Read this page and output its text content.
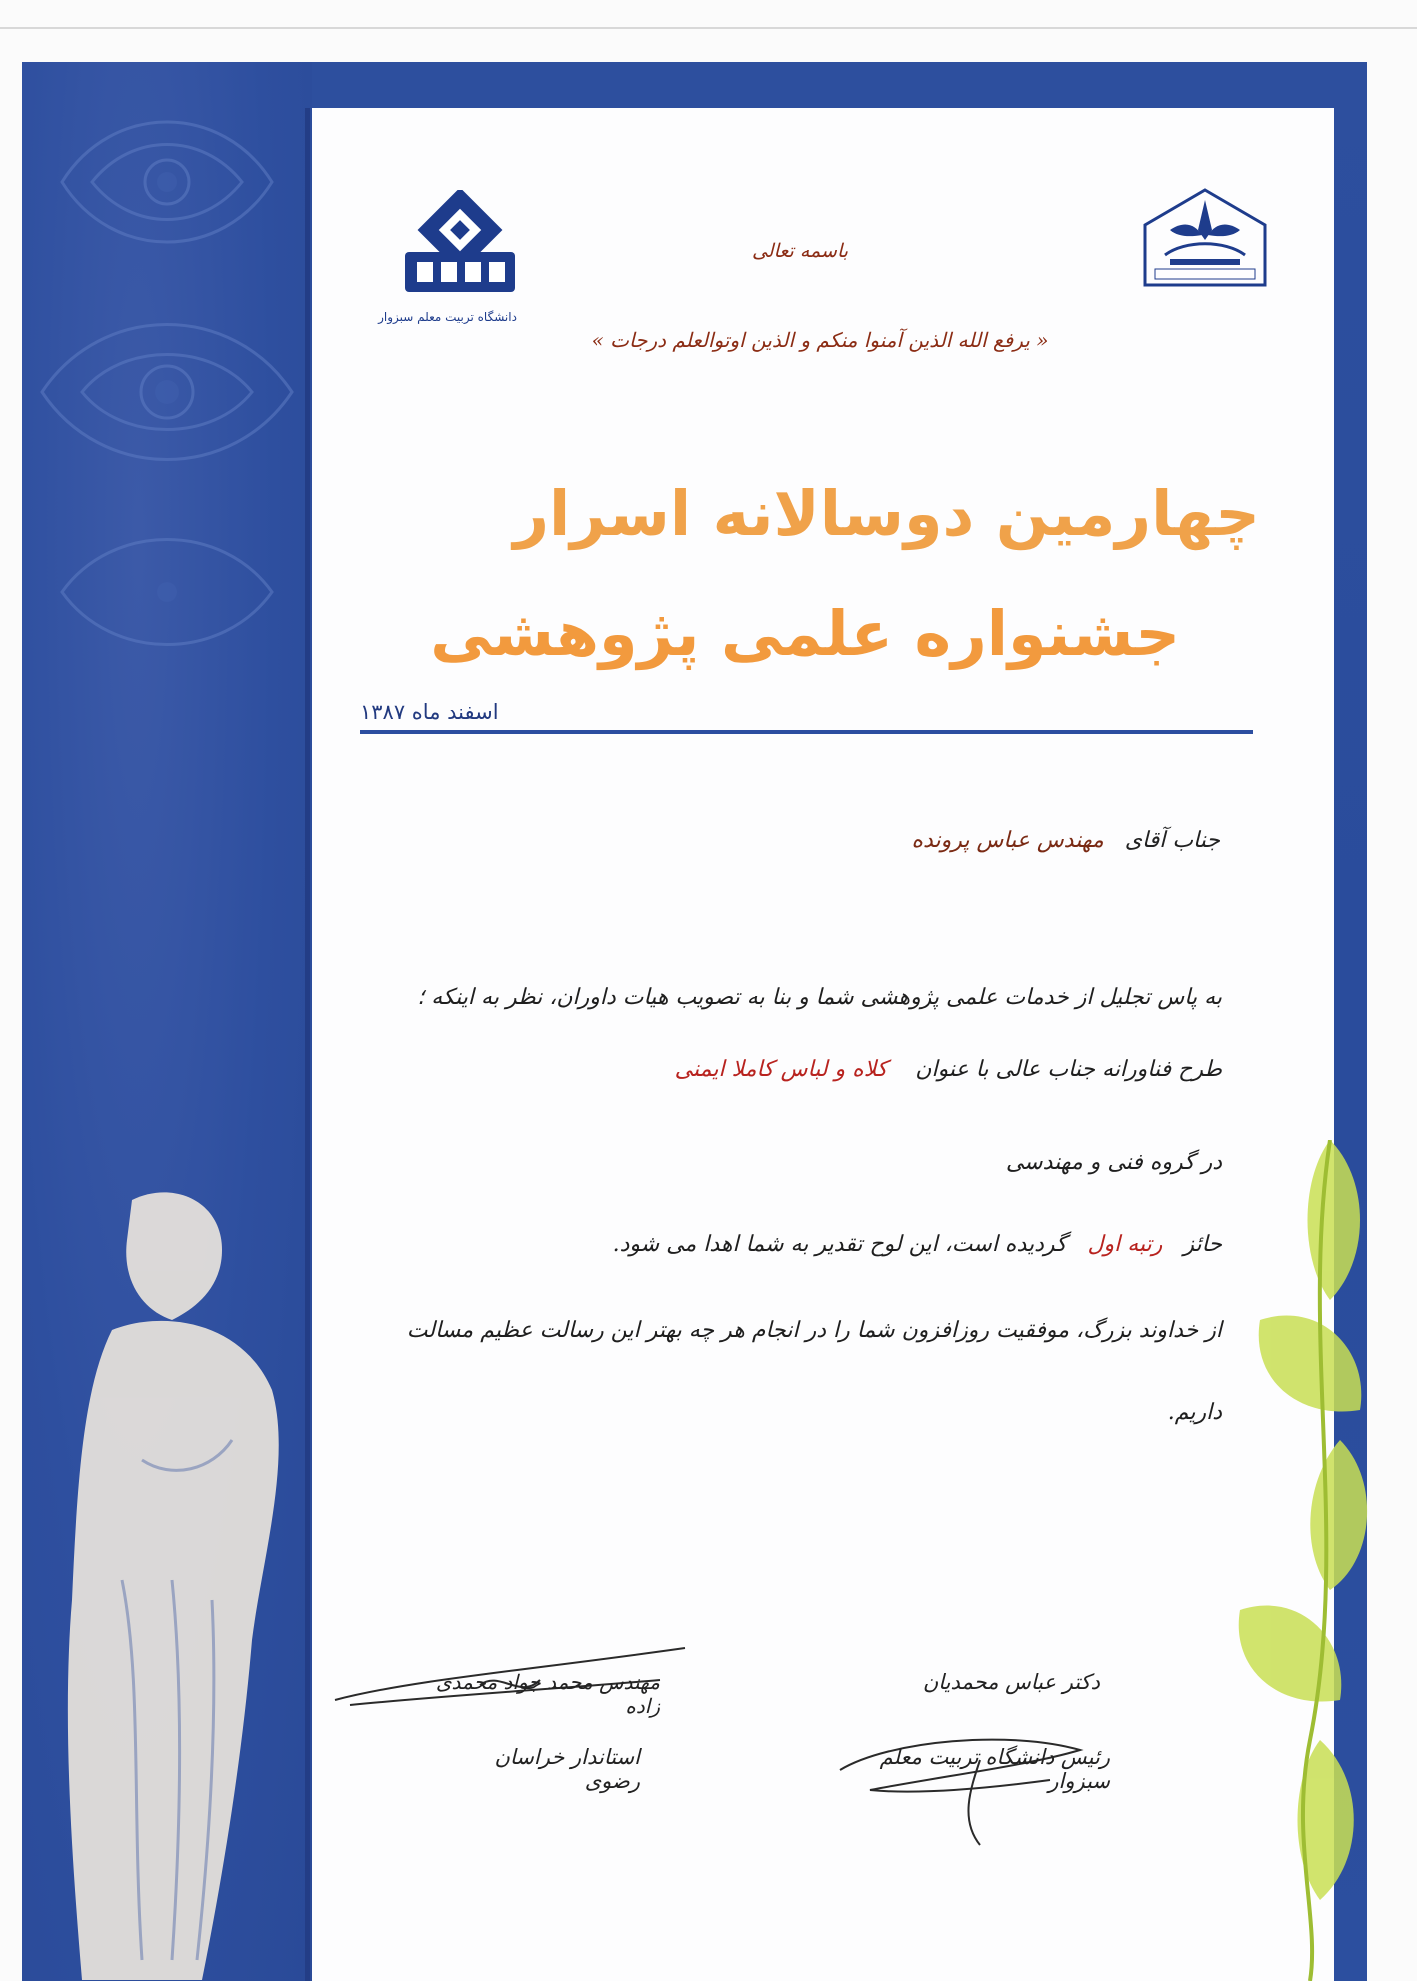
دانشگاه تربیت معلم سبزوار
باسمه تعالی
« یرفع الله الذین آمنوا منکم و الذین اوتوالعلم درجات »
چهارمین دوسالانه اسرار
جشنواره علمی پژوهشی
اسفند ماه ۱۳۸۷
جناب آقای   مهندس عباس پرونده
به پاس تجلیل از خدمات علمی پژوهشی شما و بنا به تصویب هیات داوران، نظر به اینکه ؛
طرح فناورانه جناب عالی با عنوان    کلاه و لباس کاملا ایمنی
در گروه فنی و مهندسی
حائز   رتبه اول   گردیده است، این لوح تقدیر به شما اهدا می شود.
از خداوند بزرگ، موفقیت روزافزون شما را در انجام هر چه بهتر این رسالت عظیم مسالت
داریم.
دکتر عباس محمدیان
رئیس دانشگاه تربیت معلم سبزوار
مهندس محمد جواد محمدی زاده
استاندار خراسان رضوی
